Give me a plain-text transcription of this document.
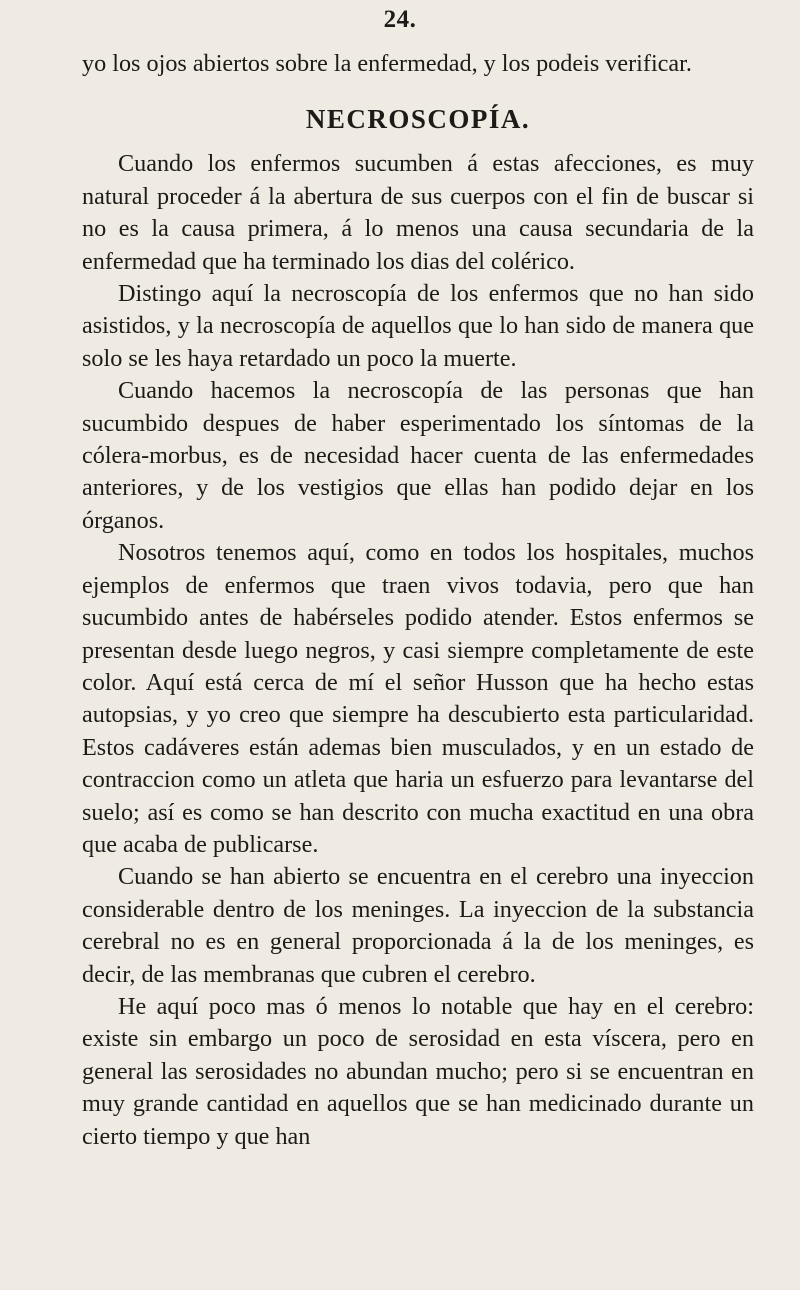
24.

yo los ojos abiertos sobre la enfermedad, y los podeis verificar.

NECROSCOPÍA.

Cuando los enfermos sucumben á estas afecciones, es muy natural proceder á la abertura de sus cuerpos con el fin de buscar si no es la causa primera, á lo menos una causa secundaria de la enfermedad que ha terminado los dias del colérico.

Distingo aquí la necroscopía de los enfermos que no han sido asistidos, y la necroscopía de aquellos que lo han sido de manera que solo se les haya retardado un poco la muerte.

Cuando hacemos la necroscopía de las personas que han sucumbido despues de haber esperimentado los síntomas de la cólera-morbus, es de necesidad hacer cuenta de las enfermedades anteriores, y de los vestigios que ellas han podido dejar en los órganos.

Nosotros tenemos aquí, como en todos los hospitales, muchos ejemplos de enfermos que traen vivos todavia, pero que han sucumbido antes de habérseles podido atender. Estos enfermos se presentan desde luego negros, y casi siempre completamente de este color. Aquí está cerca de mí el señor Husson que ha hecho estas autopsias, y yo creo que siempre ha descubierto esta particularidad. Estos cadáveres están ademas bien musculados, y en un estado de contraccion como un atleta que haria un esfuerzo para levantarse del suelo; así es como se han descrito con mucha exactitud en una obra que acaba de publicarse.

Cuando se han abierto se encuentra en el cerebro una inyeccion considerable dentro de los meninges. La inyeccion de la substancia cerebral no es en general proporcionada á la de los meninges, es decir, de las membranas que cubren el cerebro.

He aquí poco mas ó menos lo notable que hay en el cerebro: existe sin embargo un poco de serosidad en esta víscera, pero en general las serosidades no abundan mucho; pero si se encuentran en muy grande cantidad en aquellos que se han medicinado durante un cierto tiempo y que han
